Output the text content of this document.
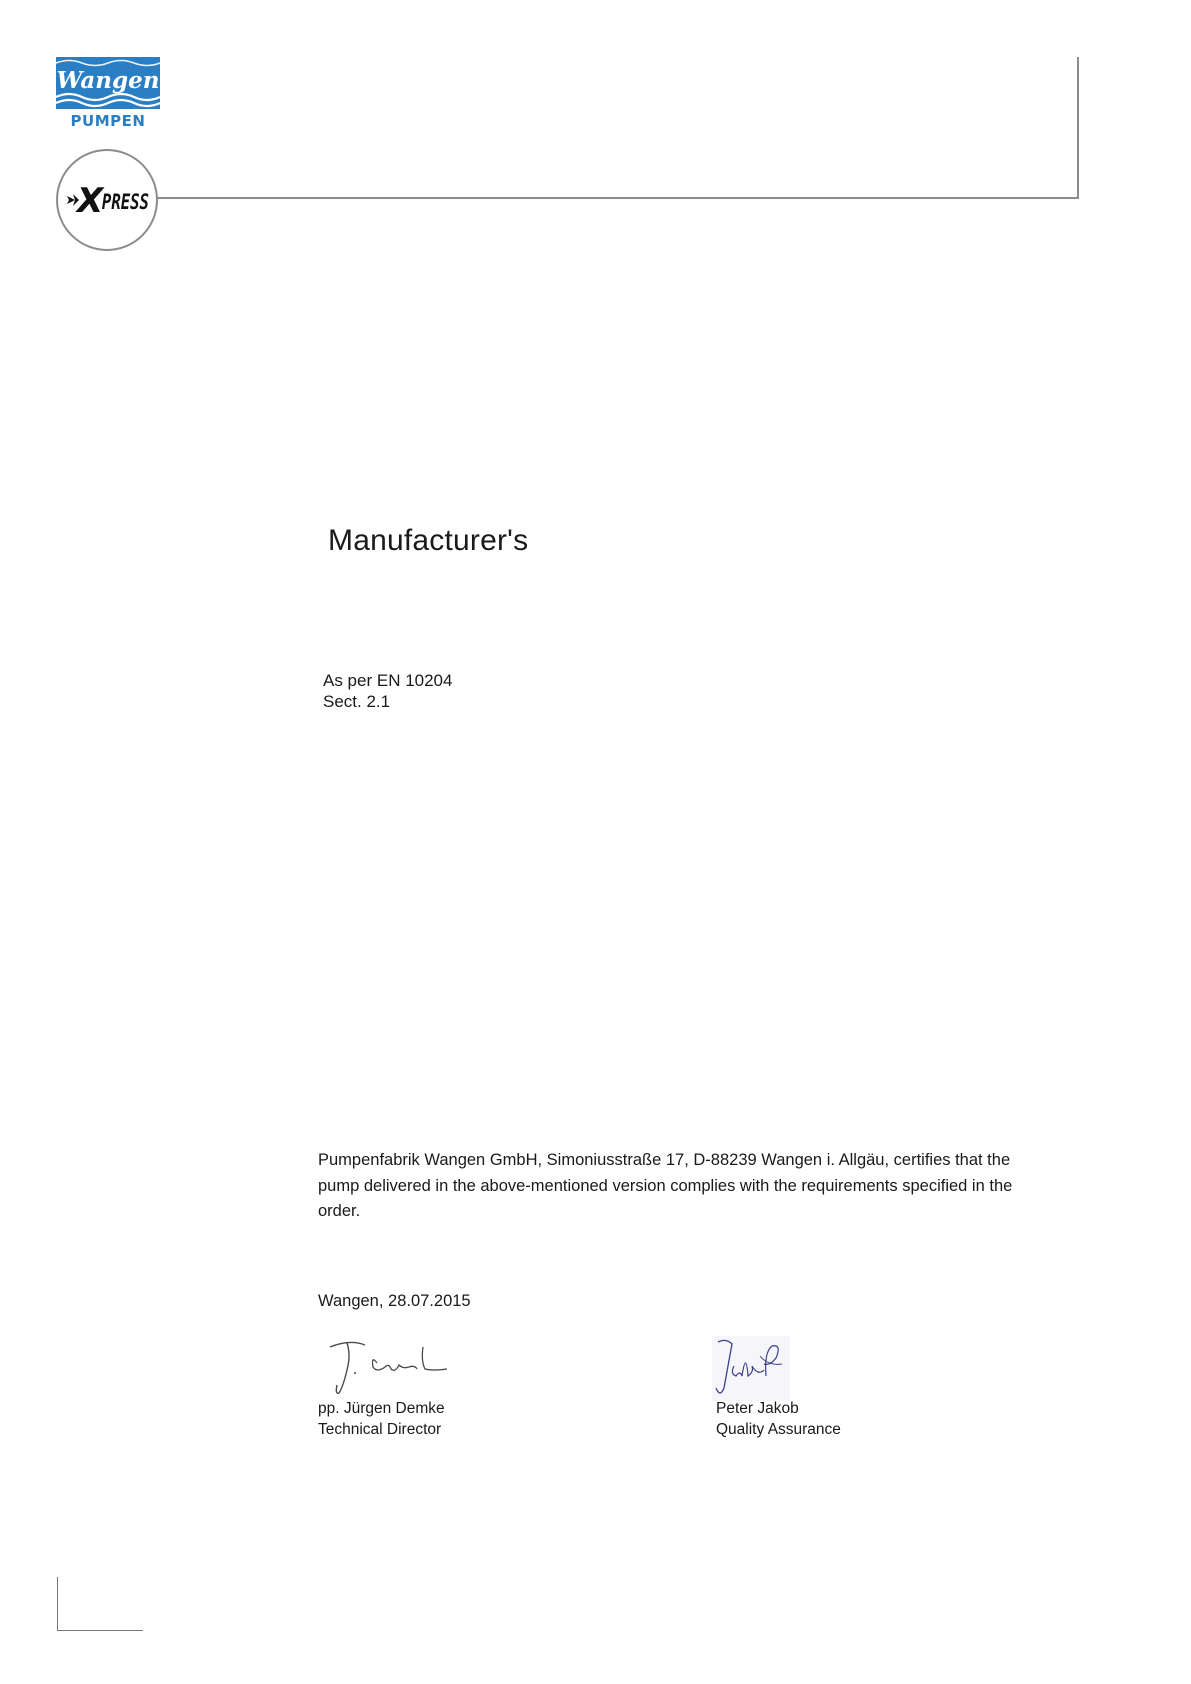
Wangen
PUMPEN
X
PRESS
Manufacturer's
As per EN 10204
Sect. 2.1
Pumpenfabrik Wangen GmbH, Simoniusstraße 17, D-88239 Wangen i. Allgäu, certifies that the pump delivered in the above-mentioned version complies with the requirements specified in the order.
Wangen, 28.07.2015
pp. Jürgen Demke
Technical Director
Peter Jakob
Quality Assurance
